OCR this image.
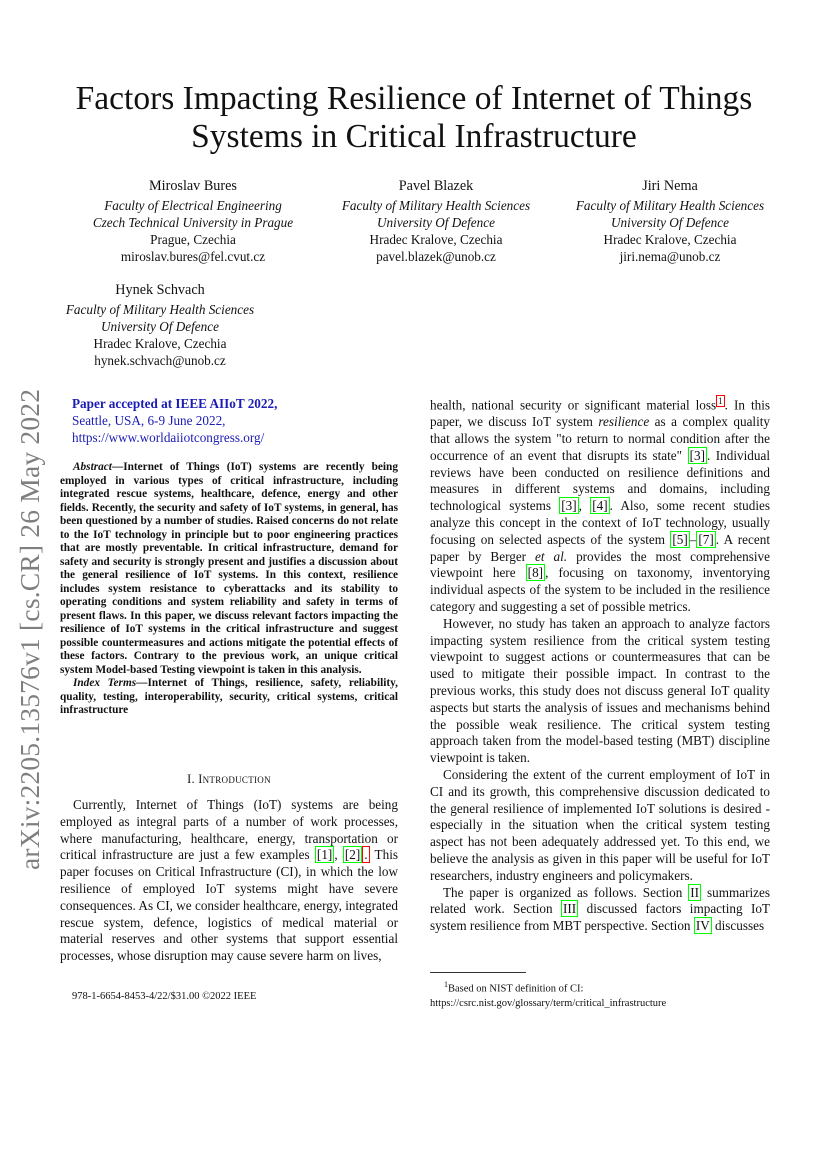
arXiv:2205.13576v1 [cs.CR] 26 May 2022
Factors Impacting Resilience of Internet of Things
Systems in Critical Infrastructure
Miroslav Bures
Faculty of Electrical Engineering
Czech Technical University in Prague
Prague, Czechia
miroslav.bures@fel.cvut.cz
Pavel Blazek
Faculty of Military Health Sciences
University Of Defence
Hradec Kralove, Czechia
pavel.blazek@unob.cz
Jiri Nema
Faculty of Military Health Sciences
University Of Defence
Hradec Kralove, Czechia
jiri.nema@unob.cz
Hynek Schvach
Faculty of Military Health Sciences
University Of Defence
Hradec Kralove, Czechia
hynek.schvach@unob.cz
Paper accepted at IEEE AIIoT 2022,
Seattle, USA, 6-9 June 2022,
https://www.worldaiiotcongress.org/

Abstract—Internet of Things (IoT) systems are recently being employed in various types of critical infrastructure, including integrated rescue systems, healthcare, defence, energy and other fields. Recently, the security and safety of IoT systems, in general, has been questioned by a number of studies. Raised concerns do not relate to the IoT technology in principle but to poor engineering practices that are mostly preventable. In critical infrastructure, demand for safety and security is strongly present and justifies a discussion about the general resilience of IoT systems. In this context, resilience includes system resistance to cyberattacks and its stability to operating conditions and system reliability and safety in terms of present flaws. In this paper, we discuss relevant factors impacting the resilience of IoT systems in the critical infrastructure and suggest possible countermeasures and actions mitigate the potential effects of these factors. Contrary to the previous work, an unique critical system Model-based Testing viewpoint is taken in this analysis.

Index Terms—Internet of Things, resilience, safety, reliability, quality, testing, interoperability, security, critical systems, critical infrastructure

I. Introduction

Currently, Internet of Things (IoT) systems are being employed as integral parts of a number of work processes, where manufacturing, healthcare, energy, transportation or critical infrastructure are just a few examples [1] , [2] . This paper focuses on Critical Infrastructure (CI), in which the low resilience of employed IoT systems might have severe consequences. As CI, we consider healthcare, energy, integrated rescue system, defence, logistics of medical material or material reserves and other systems that support essential processes, whose disruption may cause severe harm on lives,

health, national security or significant material loss $^1$ . In this paper, we discuss IoT system resilience as a complex quality that allows the system "to return to normal condition after the occurrence of an event that disrupts its state" [3] . Individual reviews have been conducted on resilience definitions and measures in different systems and domains, including technological systems [3] , [4] . Also, some recent studies analyze this concept in the context of IoT technology, usually focusing on selected aspects of the system [5] – [7] . A recent paper by Berger et al. provides the most comprehensive viewpoint here [8] , focusing on taxonomy, inventorying individual aspects of the system to be included in the resilience category and suggesting a set of possible metrics.

However, no study has taken an approach to analyze factors impacting system resilience from the critical system testing viewpoint to suggest actions or countermeasures that can be used to mitigate their possible impact. In contrast to the previous works, this study does not discuss general IoT quality aspects but starts the analysis of issues and mechanisms behind the possible weak resilience. The critical system testing approach taken from the model-based testing (MBT) discipline viewpoint is taken.

Considering the extent of the current employment of IoT in CI and its growth, this comprehensive discussion dedicated to the general resilience of implemented IoT solutions is desired - especially in the situation when the critical system testing aspect has not been adequately addressed yet. To this end, we believe the analysis as given in this paper will be useful for IoT researchers, industry engineers and policymakers.

The paper is organized as follows. Section II summarizes related work. Section III discussed factors impacting IoT system resilience from MBT perspective. Section IV discusses

$^1$Based on NIST definition of CI:
https://csrc.nist.gov/glossary/term/critical_infrastructure
978-1-6654-8453-4/22/$31.00 ©2022 IEEE
